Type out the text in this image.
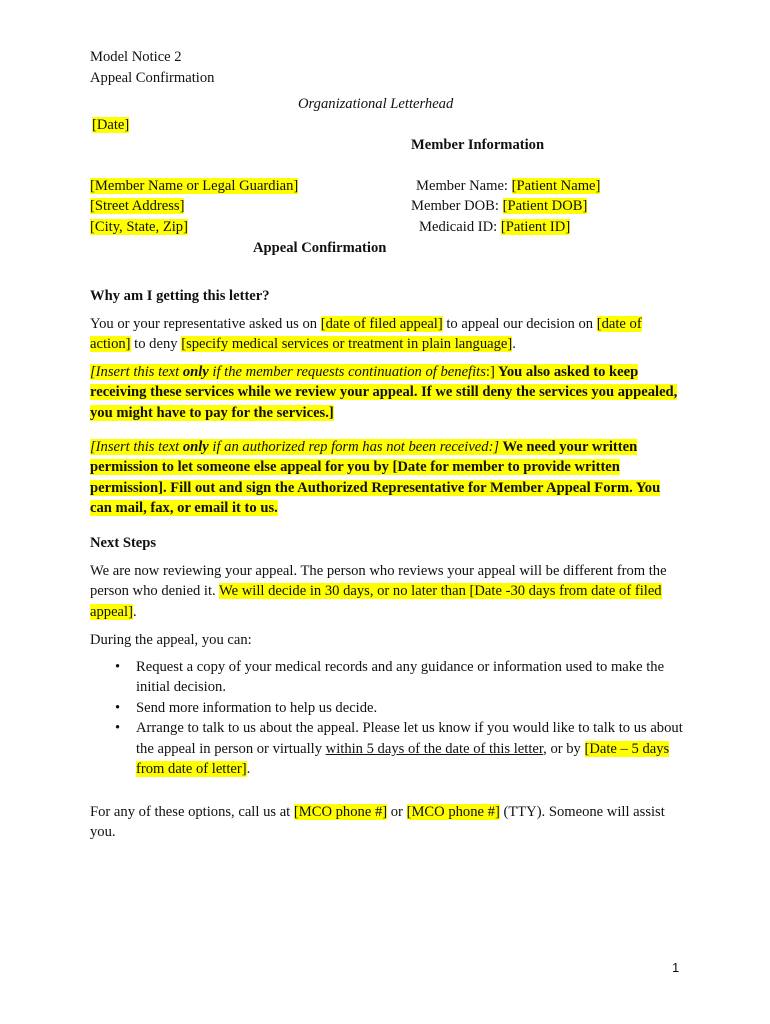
Model Notice 2
Appeal Confirmation
Organizational Letterhead
[Date]
Member Information
[Member Name or Legal Guardian]
[Street Address]
[City, State, Zip]
Member Name: [Patient Name]
Member DOB: [Patient DOB]
Medicaid ID: [Patient ID]
Appeal Confirmation
Why am I getting this letter?
You or your representative asked us on [date of filed appeal] to appeal our decision on [date of action] to deny [specify medical services or treatment in plain language].
[Insert this text only if the member requests continuation of benefits:] You also asked to keep receiving these services while we review your appeal. If we still deny the services you appealed, you might have to pay for the services.]
[Insert this text only if an authorized rep form has not been received:] We need your written permission to let someone else appeal for you by [Date for member to provide written permission]. Fill out and sign the Authorized Representative for Member Appeal Form. You can mail, fax, or email it to us.
Next Steps
We are now reviewing your appeal. The person who reviews your appeal will be different from the person who denied it. We will decide in 30 days, or no later than [Date -30 days from date of filed appeal].
During the appeal, you can:
• Request a copy of your medical records and any guidance or information used to make the initial decision.
• Send more information to help us decide.
• Arrange to talk to us about the appeal. Please let us know if you would like to talk to us about the appeal in person or virtually within 5 days of the date of this letter, or by [Date – 5 days from date of letter].
For any of these options, call us at [MCO phone #] or [MCO phone #] (TTY). Someone will assist you.
1
